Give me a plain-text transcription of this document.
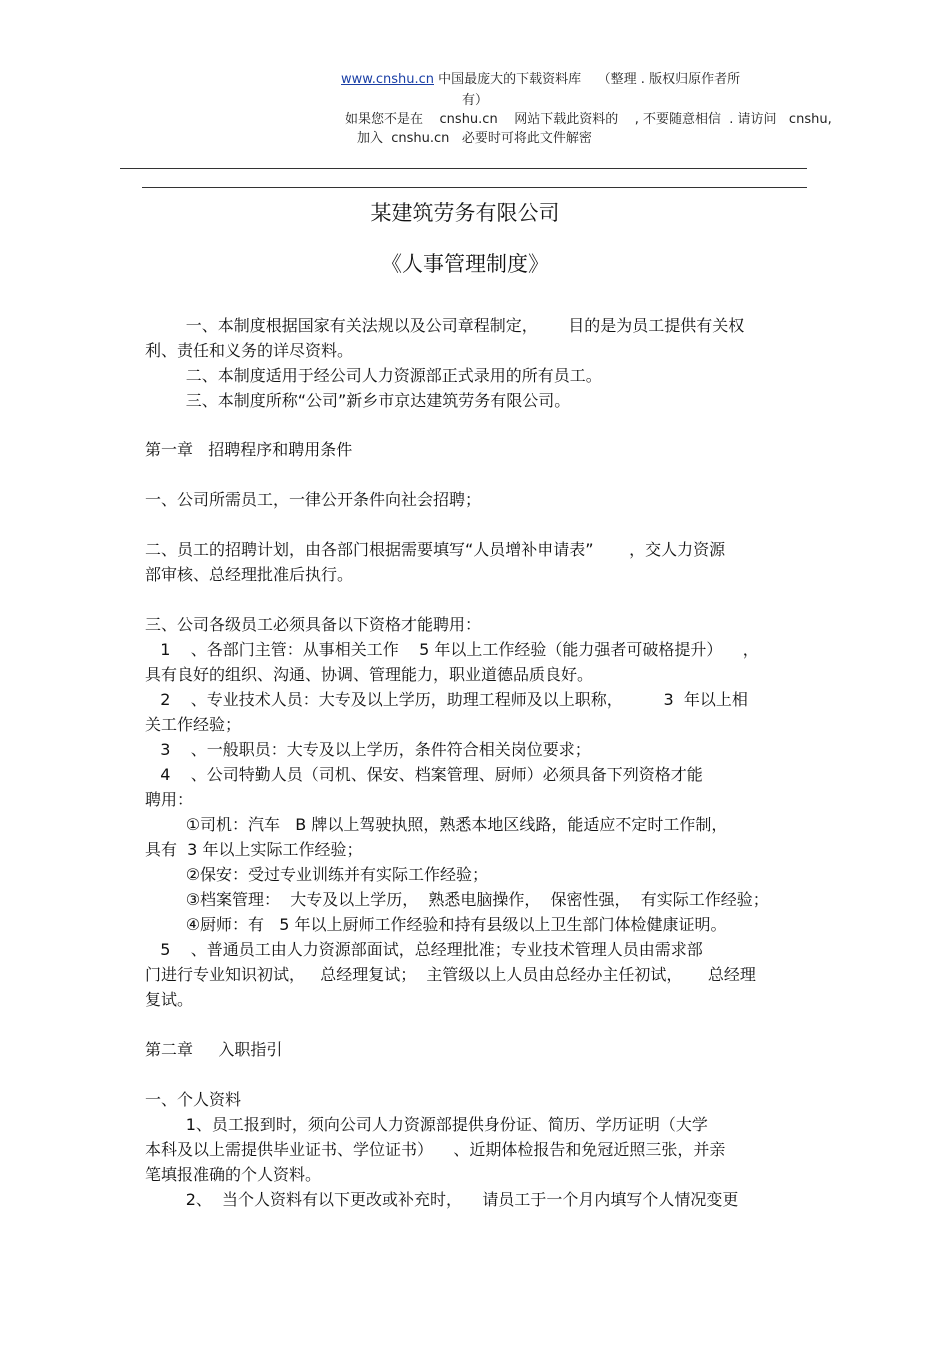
www.cnshu.cn 中国最庞大的下载资料库    （整理 . 版权归原作者所
有）
如果您不是在    cnshu.cn    网站下载此资料的    , 不要随意相信  . 请访问   cnshu,
加入  cnshu.cn   必要时可将此文件解密
某建筑劳务有限公司
《人事管理制度》
一、本制度根据国家有关法规以及公司章程制定，      目的是为员工提供有关权
利、责任和义务的详尽资料。
二、本制度适用于经公司人力资源部正式录用的所有员工。
三、本制度所称“公司”新乡市京达建筑劳务有限公司。
第一章   招聘程序和聘用条件
一、公司所需员工，一律公开条件向社会招聘；
二、员工的招聘计划，由各部门根据需要填写“人员增补申请表”       ，交人力资源
部审核、总经理批准后执行。
三、公司各级员工必须具备以下资格才能聘用：
1    、各部门主管：从事相关工作    5 年以上工作经验（能力强者可破格提升）    ，
具有良好的组织、沟通、协调、管理能力，职业道德品质良好。
2    、专业技术人员：大专及以上学历，助理工程师及以上职称，        3  年以上相
关工作经验；
3    、一般职员：大专及以上学历，条件符合相关岗位要求；
4    、公司特勤人员（司机、保安、档案管理、厨师）必须具备下列资格才能
聘用：
①司机：汽车   B 牌以上驾驶执照，熟悉本地区线路，能适应不定时工作制，
具有  3 年以上实际工作经验；
②保安：受过专业训练并有实际工作经验；
③档案管理：  大专及以上学历，  熟悉电脑操作，  保密性强，  有实际工作经验；
④厨师：有   5 年以上厨师工作经验和持有县级以上卫生部门体检健康证明。
5    、普通员工由人力资源部面试，总经理批准；专业技术管理人员由需求部
门进行专业知识初试，   总经理复试；  主管级以上人员由总经办主任初试，     总经理
复试。
第二章     入职指引
一、个人资料
1、员工报到时，须向公司人力资源部提供身份证、简历、学历证明（大学
本科及以上需提供毕业证书、学位证书）    、近期体检报告和免冠近照三张，并亲
笔填报准确的个人资料。
2、  当个人资料有以下更改或补充时，    请员工于一个月内填写个人情况变更
